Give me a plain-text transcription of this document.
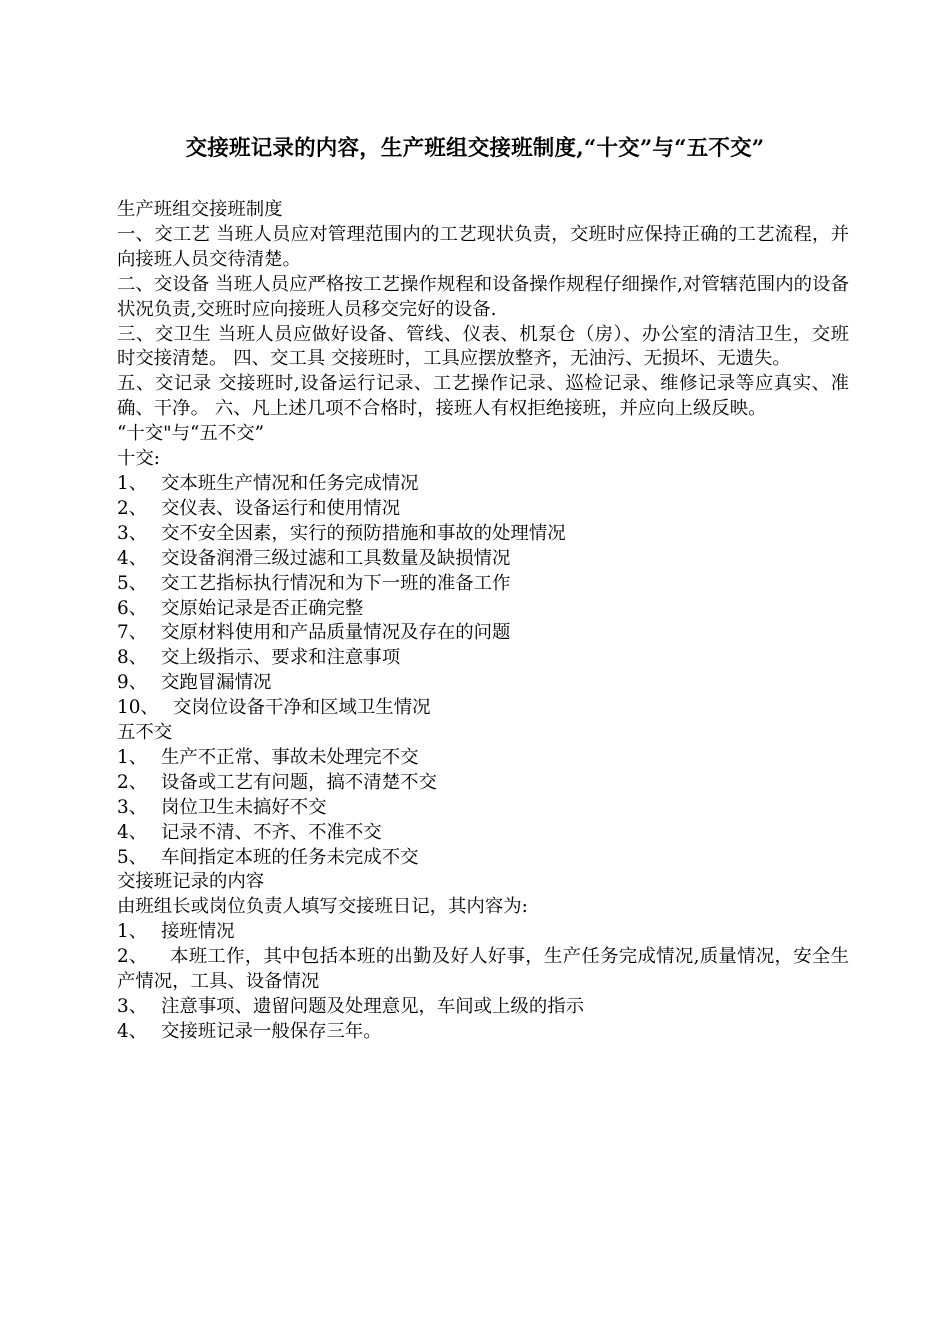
交接班记录的内容，生产班组交接班制度,“十交”与“五不交”

生产班组交接班制度

一、交工艺 当班人员应对管理范围内的工艺现状负责，交班时应保持正确的工艺流程，并向接班人员交待清楚。

二、交设备 当班人员应严格按工艺操作规程和设备操作规程仔细操作,对管辖范围内的设备状况负责,交班时应向接班人员移交完好的设备.

三、交卫生 当班人员应做好设备、管线、仪表、机泵仓（房）、办公室的清洁卫生，交班时交接清楚。 四、交工具 交接班时，工具应摆放整齐，无油污、无损坏、无遗失。

五、交记录 交接班时,设备运行记录、工艺操作记录、巡检记录、维修记录等应真实、准确、干净。 六、凡上述几项不合格时，接班人有权拒绝接班，并应向上级反映。

“十交"与“五不交”

十交:

1、 交本班生产情况和任务完成情况
2、 交仪表、设备运行和使用情况
3、 交不安全因素，实行的预防措施和事故的处理情况
4、 交设备润滑三级过滤和工具数量及缺损情况
5、 交工艺指标执行情况和为下一班的准备工作
6、 交原始记录是否正确完整
7、 交原材料使用和产品质量情况及存在的问题
8、 交上级指示、要求和注意事项
9、 交跑冒漏情况
10、 交岗位设备干净和区域卫生情况

五不交

1、 生产不正常、事故未处理完不交
2、 设备或工艺有问题，搞不清楚不交
3、 岗位卫生未搞好不交
4、 记录不清、不齐、不准不交
5、 车间指定本班的任务未完成不交

交接班记录的内容

由班组长或岗位负责人填写交接班日记，其内容为:

1、 接班情况

2、 本班工作，其中包括本班的出勤及好人好事，生产任务完成情况,质量情况，安全生产情况，工具、设备情况

3、 注意事项、遗留问题及处理意见，车间或上级的指示
4、 交接班记录一般保存三年。
